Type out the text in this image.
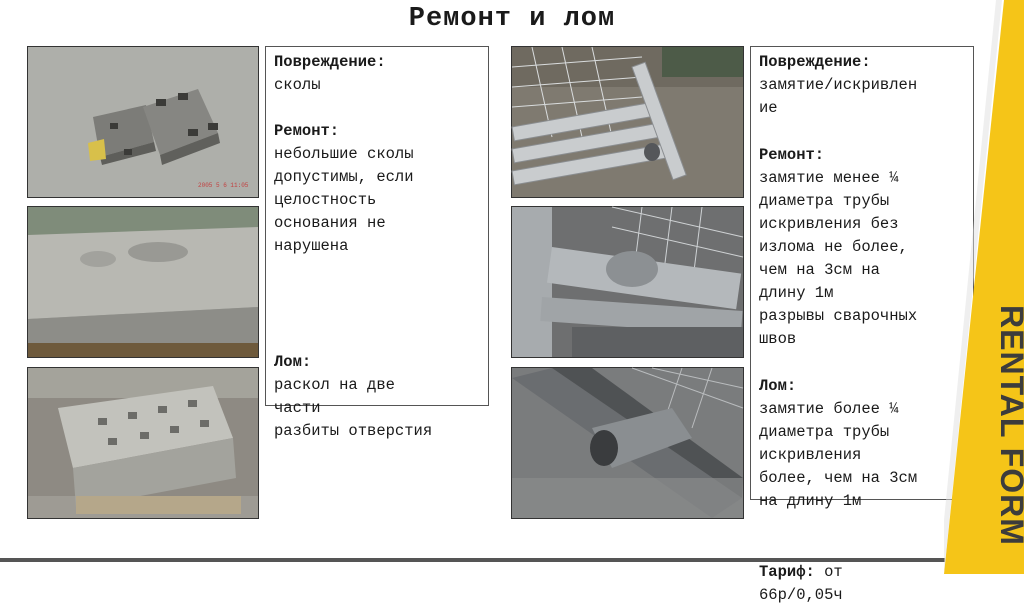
Ремонт и лом
2005 5 6 11:05
Повреждение:
сколы
Ремонт:
небольшие сколы
допустимы, если
целостность
основания не
нарушена
Лом:
раскол на две
части
разбиты отверстия
Повреждение:
замятие/искривлен
ие
Ремонт:
замятие менее ¼
диаметра трубы
искривления без
излома не более,
чем на 3см на
длину 1м
разрывы сварочных
швов
Лом:
замятие более ¼
диаметра трубы
искривления
более, чем на 3см
на длину 1м

Тариф: от
66р/0,05ч

RENTAL FORM
